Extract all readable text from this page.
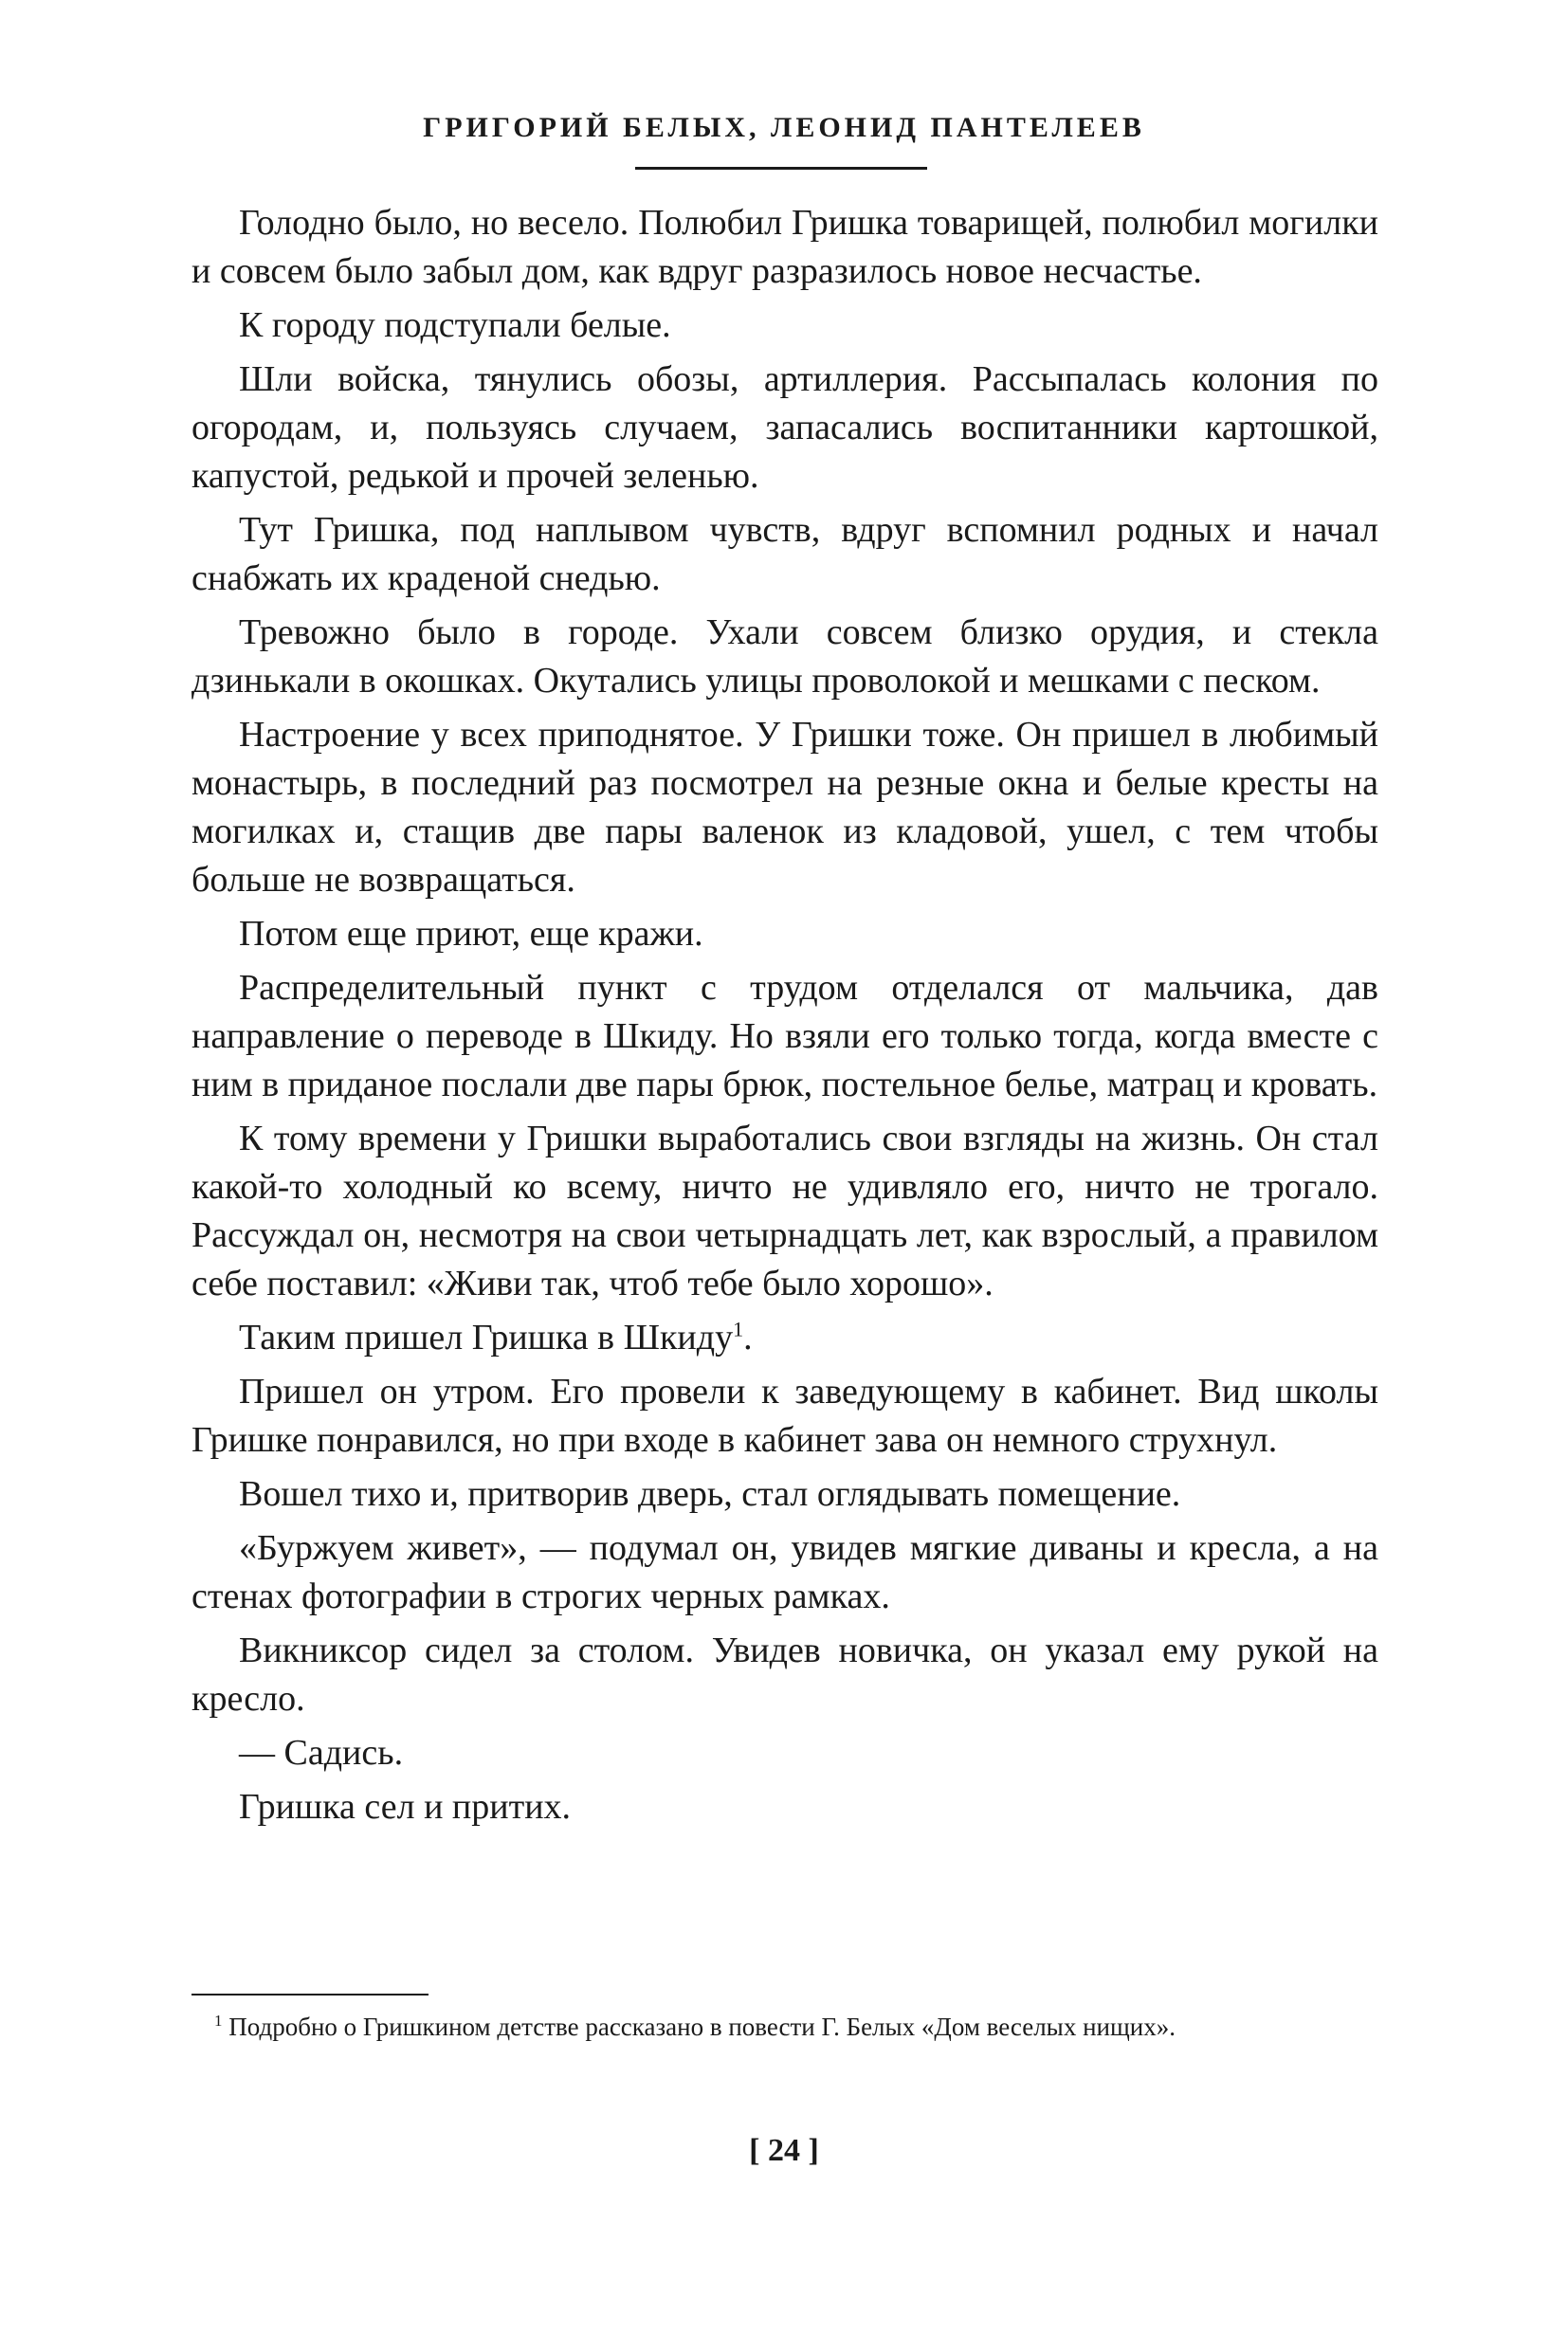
ГРИГОРИЙ БЕЛЫХ, ЛЕОНИД ПАНТЕЛЕЕВ

Голодно было, но весело. Полюбил Гришка товарищей, полюбил могилки и совсем было забыл дом, как вдруг разразилось новое несчастье.

К городу подступали белые.

Шли войска, тянулись обозы, артиллерия. Рассыпалась колония по огородам, и, пользуясь случаем, запасались воспитанники картошкой, капустой, редькой и прочей зеленью.

Тут Гришка, под наплывом чувств, вдруг вспомнил родных и начал снабжать их краденой снедью.

Тревожно было в городе. Ухали совсем близко орудия, и стекла дзинькали в окошках. Окутались улицы проволокой и мешками с песком.

Настроение у всех приподнятое. У Гришки тоже. Он пришел в любимый монастырь, в последний раз посмотрел на резные окна и белые кресты на могилках и, стащив две пары валенок из кладовой, ушел, с тем чтобы больше не возвращаться.

Потом еще приют, еще кражи.

Распределительный пункт с трудом отделался от мальчика, дав направление о переводе в Шкиду. Но взяли его только тогда, когда вместе с ним в приданое послали две пары брюк, постельное белье, матрац и кровать.

К тому времени у Гришки выработались свои взгляды на жизнь. Он стал какой-то холодный ко всему, ничто не удивляло его, ничто не трогало. Рассуждал он, несмотря на свои четырнадцать лет, как взрослый, а правилом себе поставил: «Живи так, чтоб тебе было хорошо».

Таким пришел Гришка в Шкиду$^1$.

Пришел он утром. Его провели к заведующему в кабинет. Вид школы Гришке понравился, но при входе в кабинет зава он немного струхнул.

Вошел тихо и, притворив дверь, стал оглядывать помещение.

«Буржуем живет», — подумал он, увидев мягкие диваны и кресла, а на стенах фотографии в строгих черных рамках.

Викниксор сидел за столом. Увидев новичка, он указал ему рукой на кресло.

— Садись.

Гришка сел и притих.

$^1$ Подробно о Гришкином детстве рассказано в повести Г. Белых «Дом веселых нищих».
[ 24 ]
